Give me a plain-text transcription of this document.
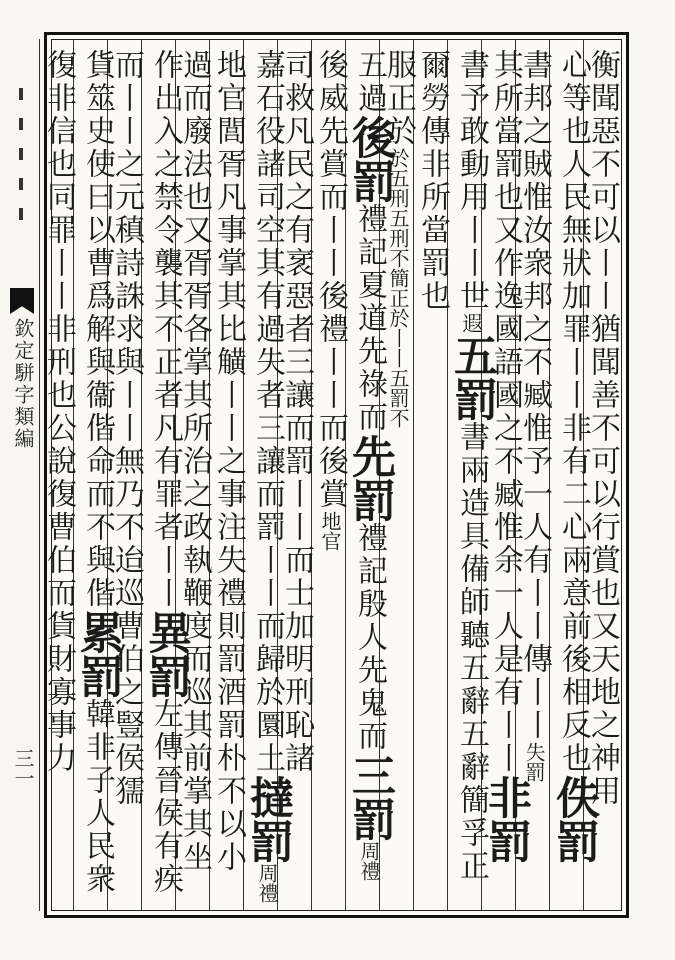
欽定駢字類編
三一	衡聞惡不可以丨丨猶聞善不可以行賞也又天地之神用
心等也人民無狀加罪丨丨非有二心兩意前後相反也佚罰
書邦之賊惟汝衆邦之不臧惟予一人有丨丨傳丨丨失罰
其所當罰也又作逸國語國之不臧惟余一人是有丨丨非罰
書予敢動用丨丨世遐五罰書兩造具備師聽五辭五辭簡孚正
爾勞傳非所當罰也
服正於於五刑五刑不簡正於丨丨五罰不
五過後罰禮記夏道先祿而先罰禮記殷人先鬼而三罰周禮
後威先賞而丨丨後禮丨丨而後賞地官
司救凡民之有衺惡者三讓而罰丨丨而士加明刑恥諸
嘉石役諸司空其有過失者三讓而罰丨丨而歸於圜土撻罰周禮
地官閭胥凡事掌其比觵丨丨之事注失禮則罰酒罰朴不以小
過而廢法也又胥胥各掌其所治之政執鞭度而巡其前掌其坐
作出入之禁令襲其不正者凡有罪者丨丨異罰左傳晉侯有疾
而丨丨之元稹詩誅求與丨丨無乃不迨巡曹伯之豎侯獳
貨筮史使曰以曹爲解與衞偕命而不與偕累罰韓非子人民衆
復非信也同罪丨丨非刑也公說復曹伯而貨財寡事力
